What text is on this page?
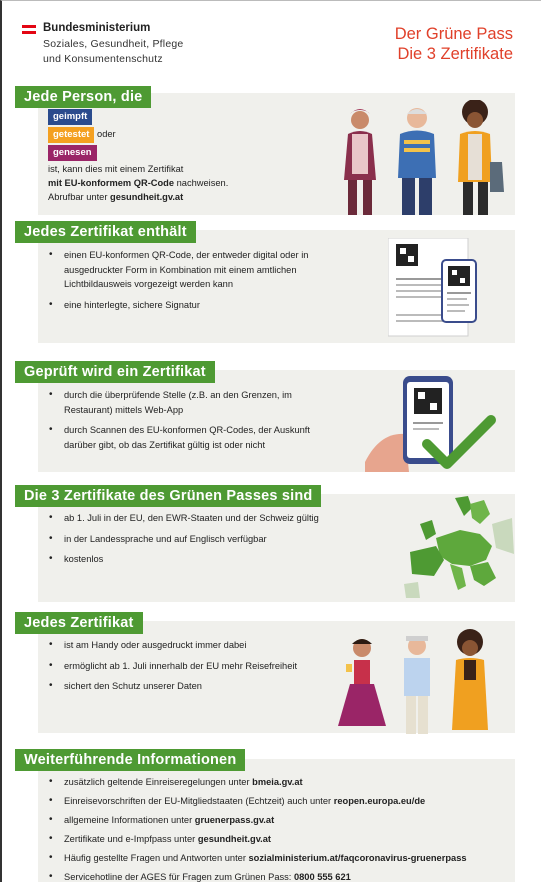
Bundesministerium
Soziales, Gesundheit, Pflege
und Konsumentenschutz
Der Grüne Pass
Die 3 Zertifikate
Jede Person, die
geimpft
getestet oder
genesen
ist, kann dies mit einem Zertifikat
mit EU-konformem QR-Code nachweisen.
Abrufbar unter gesundheit.gv.at
Jedes Zertifikat enthält
• einen EU-konformen QR-Code, der entweder digital oder in ausgedruckter Form in Kombination mit einem amtlichen Lichtbildausweis vorgezeigt werden kann
• eine hinterlegte, sichere Signatur
Geprüft wird ein Zertifikat
• durch die überprüfende Stelle (z.B. an den Grenzen, im Restaurant) mittels Web-App
• durch Scannen des EU-konformen QR-Codes, der Auskunft darüber gibt, ob das Zertifikat gültig ist oder nicht
Die 3 Zertifikate des Grünen Passes sind
• ab 1. Juli in der EU, den EWR-Staaten und der Schweiz gültig
• in der Landessprache und auf Englisch verfügbar
• kostenlos
Jedes Zertifikat
• ist am Handy oder ausgedruckt immer dabei
• ermöglicht ab 1. Juli innerhalb der EU mehr Reisefreiheit
• sichert den Schutz unserer Daten
Weiterführende Informationen
• zusätzlich geltende Einreiseregelungen unter bmeia.gv.at
• Einreisevorschriften der EU-Mitgliedstaaten (Echtzeit) auch unter reopen.europa.eu/de
• allgemeine Informationen unter gruenerpass.gv.at
• Zertifikate und e-Impfpass unter gesundheit.gv.at
• Häufig gestellte Fragen und Antworten unter sozialministerium.at/faqcoronavirus-gruenerpass
• Servicehotline der AGES für Fragen zum Grünen Pass: 0800 555 621
